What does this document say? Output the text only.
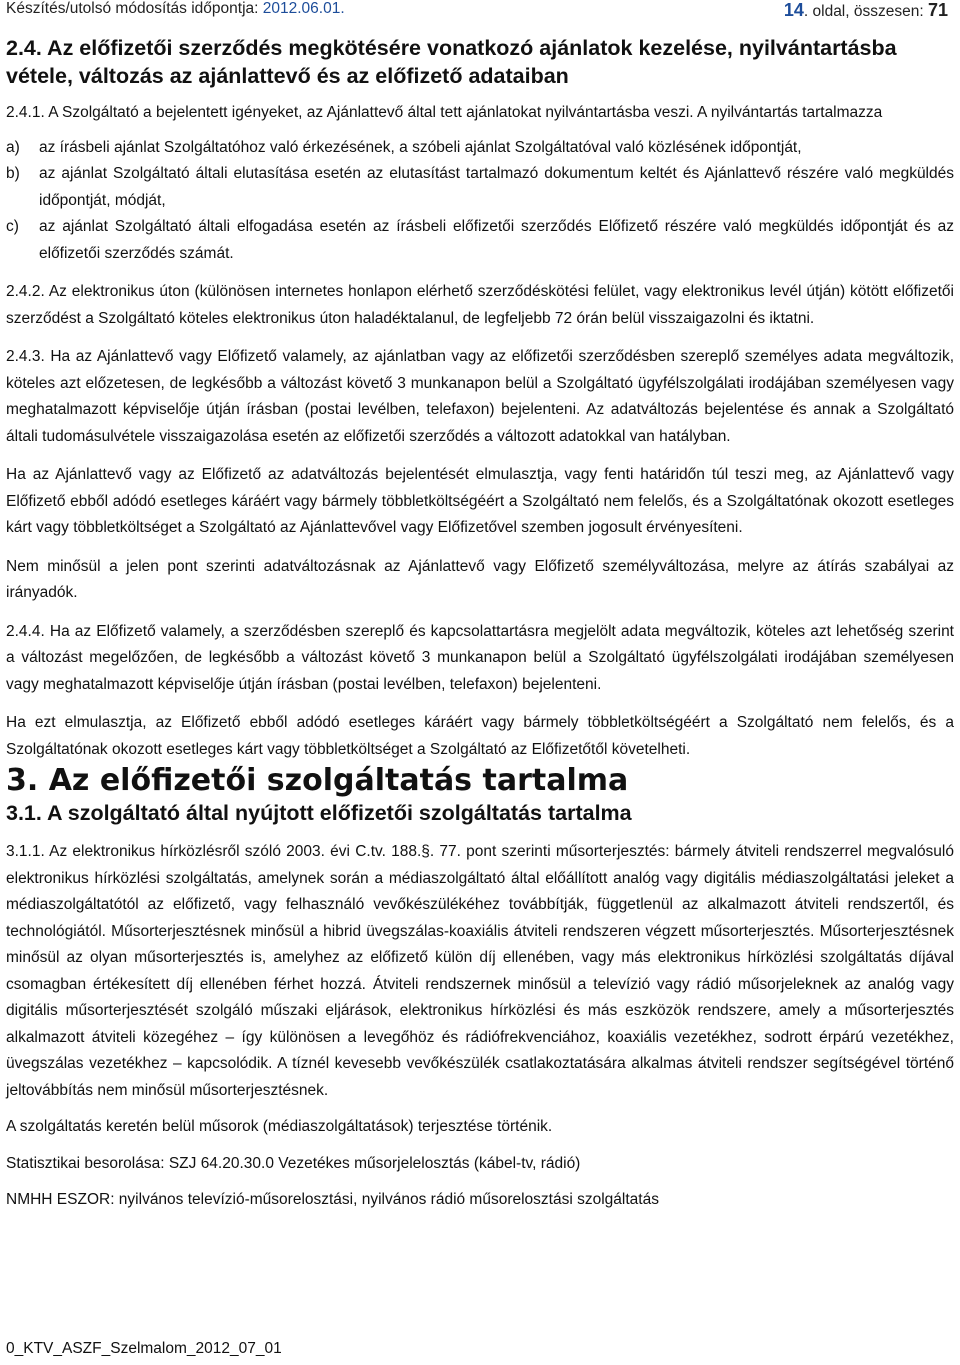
Készítés/utolsó módosítás időpontja: 2012.06.01.	14. oldal, összesen: 71
2.4. Az előfizetői szerződés megkötésére vonatkozó ajánlatok kezelése, nyilvántartásba vétele, változás az ajánlattevő és az előfizető adataiban

2.4.1. A Szolgáltató a bejelentett igényeket, az Ajánlattevő által tett ajánlatokat nyilvántartásba veszi. A nyilvántartás tartalmazza

a)	az írásbeli ajánlat Szolgáltatóhoz való érkezésének, a szóbeli ajánlat Szolgáltatóval való közlésének időpontját,
b)	az ajánlat Szolgáltató általi elutasítása esetén az elutasítást tartalmazó dokumentum keltét és Ajánlattevő részére való megküldés időpontját, módját,
c)	az ajánlat Szolgáltató általi elfogadása esetén az írásbeli előfizetői szerződés Előfizető részére való megküldés időpontját és az előfizetői szerződés számát.

2.4.2. Az elektronikus úton (különösen internetes honlapon elérhető szerződéskötési felület, vagy elektronikus levél útján) kötött előfizetői szerződést a Szolgáltató köteles elektronikus úton haladéktalanul, de legfeljebb 72 órán belül visszaigazolni és iktatni.

2.4.3. Ha az Ajánlattevő vagy Előfizető valamely, az ajánlatban vagy az előfizetői szerződésben szereplő személyes adata megváltozik, köteles azt előzetesen, de legkésőbb a változást követő 3 munkanapon belül a Szolgáltató ügyfélszolgálati irodájában személyesen vagy meghatalmazott képviselője útján írásban (postai levélben, telefaxon) bejelenteni. Az adatváltozás bejelentése és annak a Szolgáltató általi tudomásulvétele visszaigazolása esetén az előfizetői szerződés a változott adatokkal van hatályban.

Ha az Ajánlattevő vagy az Előfizető az adatváltozás bejelentését elmulasztja, vagy fenti határidőn túl teszi meg, az Ajánlattevő vagy Előfizető ebből adódó esetleges káráért vagy bármely többletköltségéért a Szolgáltató nem felelős, és a Szolgáltatónak okozott esetleges kárt vagy többletköltséget a Szolgáltató az Ajánlattevővel vagy Előfizetővel szemben jogosult érvényesíteni.

Nem minősül a jelen pont szerinti adatváltozásnak az Ajánlattevő vagy Előfizető személyváltozása, melyre az átírás szabályai az irányadók.

2.4.4. Ha az Előfizető valamely, a szerződésben szereplő és kapcsolattartásra megjelölt adata megváltozik, köteles azt lehetőség szerint a változást megelőzően, de legkésőbb a változást követő 3 munkanapon belül a Szolgáltató ügyfélszolgálati irodájában személyesen vagy meghatalmazott képviselője útján írásban (postai levélben, telefaxon) bejelenteni.

Ha ezt elmulasztja, az Előfizető ebből adódó esetleges káráért vagy bármely többletköltségéért a Szolgáltató nem felelős, és a Szolgáltatónak okozott esetleges kárt vagy többletköltséget a Szolgáltató az Előfizetőtől követelheti.

3. Az előfizetői szolgáltatás tartalma
3.1. A szolgáltató által nyújtott előfizetői szolgáltatás tartalma

3.1.1. Az elektronikus hírközlésről szóló 2003. évi C.tv. 188.§. 77. pont szerinti műsorterjesztés: bármely átviteli rendszerrel megvalósuló elektronikus hírközlési szolgáltatás, amelynek során a médiaszolgáltató által előállított analóg vagy digitális médiaszolgáltatási jeleket a médiaszolgáltatótól az előfizető, vagy felhasználó vevőkészülékéhez továbbítják, függetlenül az alkalmazott átviteli rendszertől, és technológiától. Műsorterjesztésnek minősül a hibrid üvegszálas-koaxiális átviteli rendszeren végzett műsorterjesztés. Műsorterjesztésnek minősül az olyan műsorterjesztés is, amelyhez az előfizető külön díj ellenében, vagy más elektronikus hírközlési szolgáltatás díjával csomagban értékesített díj ellenében férhet hozzá. Átviteli rendszernek minősül a televízió vagy rádió műsorjeleknek az analóg vagy digitális műsorterjesztését szolgáló műszaki eljárások, elektronikus hírközlési és más eszközök rendszere, amely a műsorterjesztés alkalmazott átviteli közegéhez – így különösen a levegőhöz és rádiófrekvenciához, koaxiális vezetékhez, sodrott érpárú vezetékhez, üvegszálas vezetékhez – kapcsolódik. A tíznél kevesebb vevőkészülék csatlakoztatására alkalmas átviteli rendszer segítségével történő jeltovábbítás nem minősül műsorterjesztésnek.

A szolgáltatás keretén belül műsorok (médiaszolgáltatások) terjesztése történik.

Statisztikai besorolása: SZJ 64.20.30.0 Vezetékes műsorjelelosztás (kábel-tv, rádió)

NMHH ESZOR: nyilvános televízió-műsorelosztási, nyilvános rádió műsorelosztási szolgáltatás

0_KTV_ASZF_Szelmalom_2012_07_01
